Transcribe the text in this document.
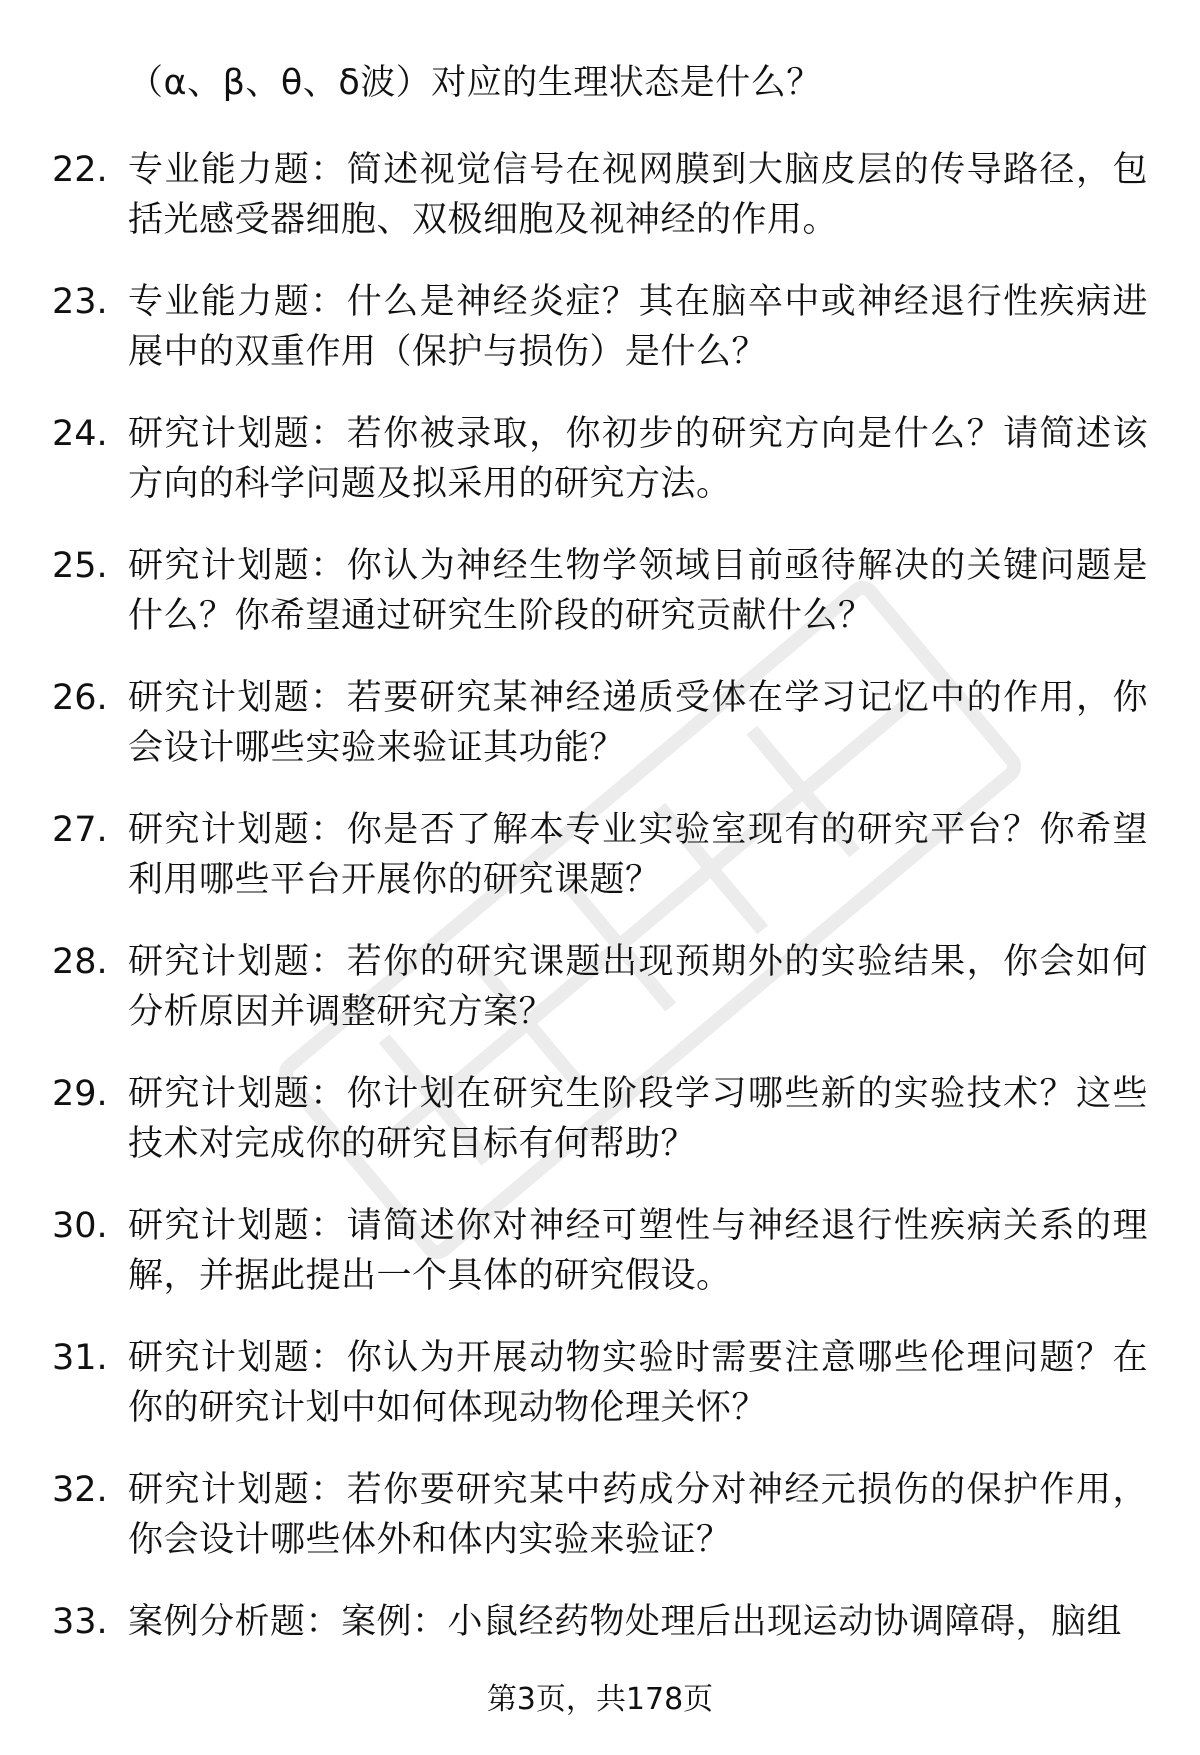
（α、β、θ、δ波）对应的生理状态是什么？
22. 专业能力题：简述视觉信号在视网膜到大脑皮层的传导路径，包括光感受器细胞、双极细胞及视神经的作用。
23. 专业能力题：什么是神经炎症？其在脑卒中或神经退行性疾病进展中的双重作用（保护与损伤）是什么？
24. 研究计划题：若你被录取，你初步的研究方向是什么？请简述该方向的科学问题及拟采用的研究方法。
25. 研究计划题：你认为神经生物学领域目前亟待解决的关键问题是什么？你希望通过研究生阶段的研究贡献什么？
26. 研究计划题：若要研究某神经递质受体在学习记忆中的作用，你会设计哪些实验来验证其功能？
27. 研究计划题：你是否了解本专业实验室现有的研究平台？你希望利用哪些平台开展你的研究课题？
28. 研究计划题：若你的研究课题出现预期外的实验结果，你会如何分析原因并调整研究方案？
29. 研究计划题：你计划在研究生阶段学习哪些新的实验技术？这些技术对完成你的研究目标有何帮助？
30. 研究计划题：请简述你对神经可塑性与神经退行性疾病关系的理解，并据此提出一个具体的研究假设。
31. 研究计划题：你认为开展动物实验时需要注意哪些伦理问题？在你的研究计划中如何体现动物伦理关怀？
32. 研究计划题：若你要研究某中药成分对神经元损伤的保护作用，你会设计哪些体外和体内实验来验证？
33. 案例分析题：案例：小鼠经药物处理后出现运动协调障碍，脑组
第3页，共178页
